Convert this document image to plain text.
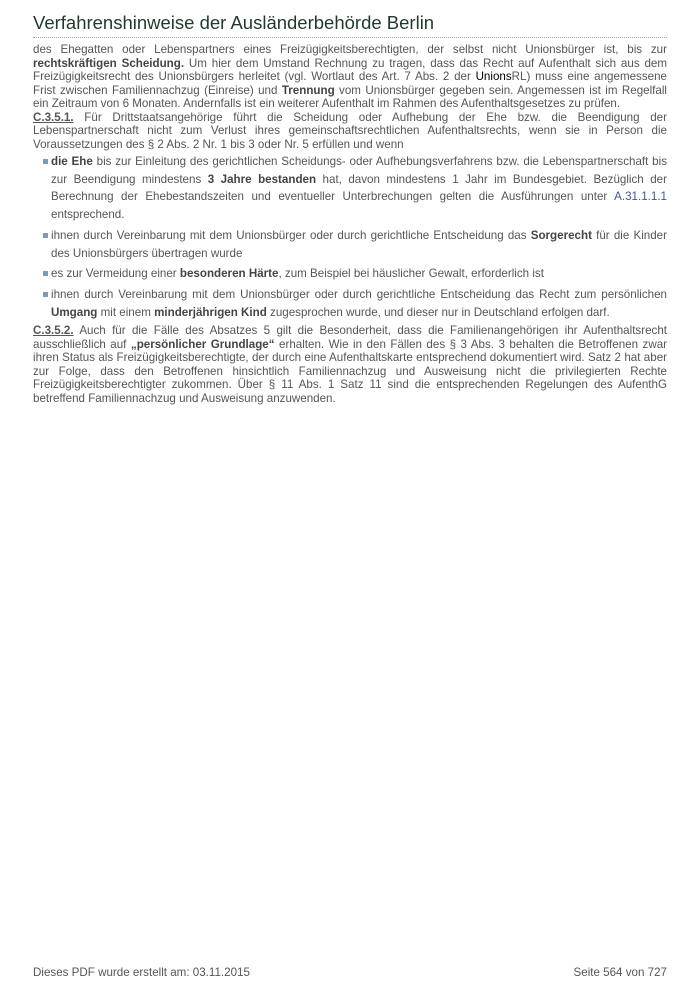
Verfahrenshinweise der Ausländerbehörde Berlin

des Ehegatten oder Lebenspartners eines Freizügigkeitsberechtigten, der selbst nicht Unionsbürger ist, bis zur rechtskräftigen Scheidung. Um hier dem Umstand Rechnung zu tragen, dass das Recht auf Aufenthalt sich aus dem Freizügigkeitsrecht des Unionsbürgers herleitet (vgl. Wortlaut des Art. 7 Abs. 2 der UnionsRL) muss eine angemessene Frist zwischen Familiennachzug (Einreise) und Trennung vom Unionsbürger gegeben sein. Angemessen ist im Regelfall ein Zeitraum von 6 Monaten. Andernfalls ist ein weiterer Aufenthalt im Rahmen des Aufenthaltsgesetzes zu prüfen.

C.3.5.1. Für Drittstaatsangehörige führt die Scheidung oder Aufhebung der Ehe bzw. die Beendigung der Lebenspartnerschaft nicht zum Verlust ihres gemeinschaftsrechtlichen Aufenthaltsrechts, wenn sie in Person die Voraussetzungen des § 2 Abs. 2 Nr. 1 bis 3 oder Nr. 5 erfüllen und wenn

die Ehe bis zur Einleitung des gerichtlichen Scheidungs- oder Aufhebungsverfahrens bzw. die Lebenspartnerschaft bis zur Beendigung mindestens 3 Jahre bestanden hat, davon mindestens 1 Jahr im Bundesgebiet. Bezüglich der Berechnung der Ehebestandszeiten und eventueller Unterbrechungen gelten die Ausführungen unter A.31.1.1.1 entsprechend.
ihnen durch Vereinbarung mit dem Unionsbürger oder durch gerichtliche Entscheidung das Sorgerecht für die Kinder des Unionsbürgers übertragen wurde
es zur Vermeidung einer besonderen Härte, zum Beispiel bei häuslicher Gewalt, erforderlich ist
ihnen durch Vereinbarung mit dem Unionsbürger oder durch gerichtliche Entscheidung das Recht zum persönlichen Umgang mit einem minderjährigen Kind zugesprochen wurde, und dieser nur in Deutschland erfolgen darf.

C.3.5.2. Auch für die Fälle des Absatzes 5 gilt die Besonderheit, dass die Familienangehörigen ihr Aufenthaltsrecht ausschließlich auf „persönlicher Grundlage“ erhalten. Wie in den Fällen des § 3 Abs. 3 behalten die Betroffenen zwar ihren Status als Freizügigkeitsberechtigte, der durch eine Aufenthaltskarte entsprechend dokumentiert wird. Satz 2 hat aber zur Folge, dass den Betroffenen hinsichtlich Familiennachzug und Ausweisung nicht die privilegierten Rechte Freizügigkeitsberechtigter zukommen. Über § 11 Abs. 1 Satz 11 sind die entsprechenden Regelungen des AufenthG betreffend Familiennachzug und Ausweisung anzuwenden.

Dieses PDF wurde erstellt am: 03.11.2015	Seite 564 von 727
